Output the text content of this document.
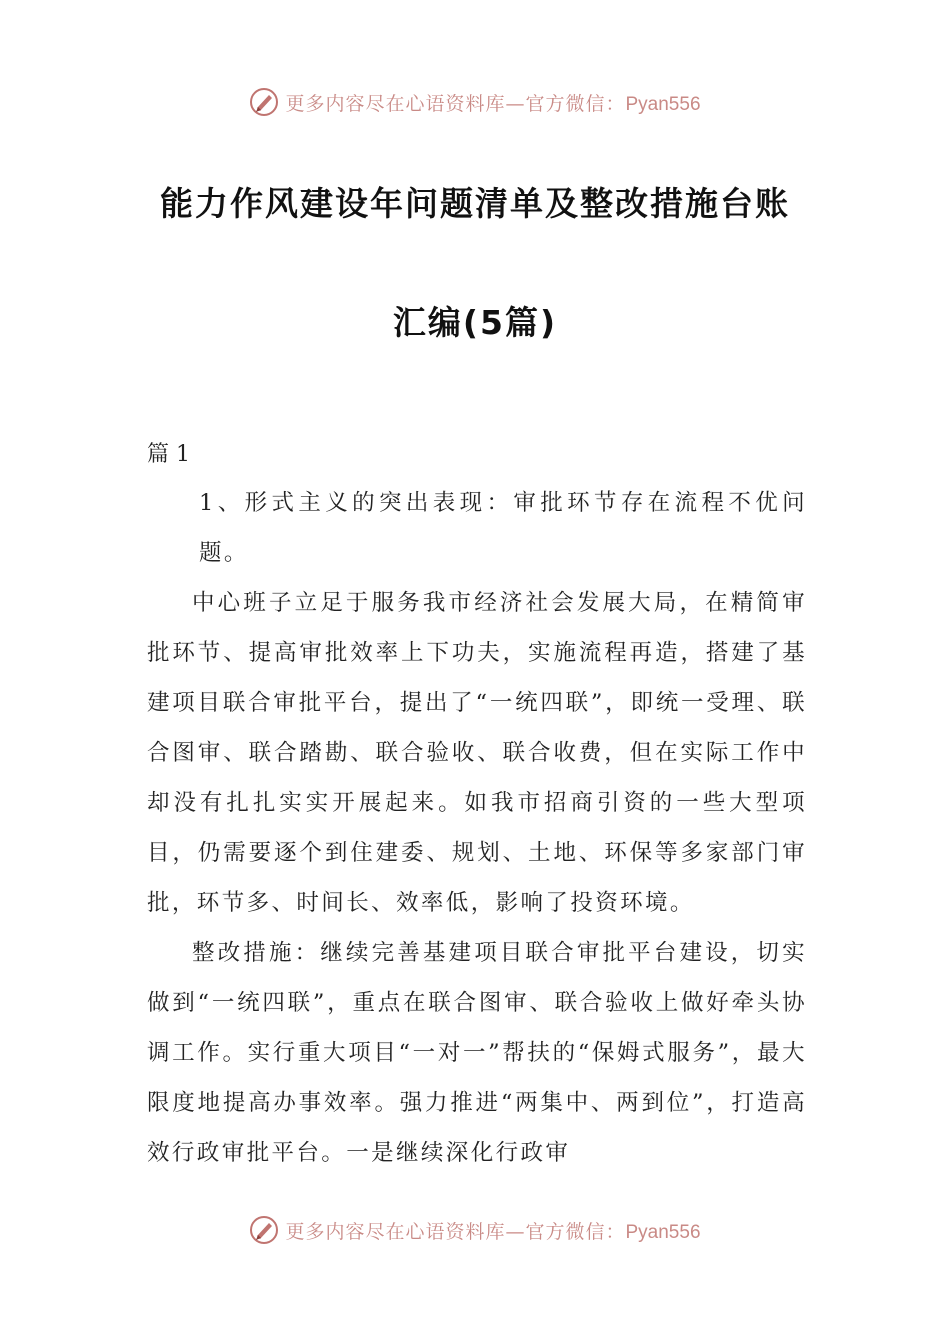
更多内容尽在心语资料库—官方微信：Pyan556
能力作风建设年问题清单及整改措施台账
汇编(5篇)
篇 1

1、形式主义的突出表现：审批环节存在流程不优问题。

中心班子立足于服务我市经济社会发展大局，在精简审批环节、提高审批效率上下功夫，实施流程再造，搭建了基建项目联合审批平台，提出了“一统四联”，即统一受理、联合图审、联合踏勘、联合验收、联合收费，但在实际工作中却没有扎扎实实开展起来。如我市招商引资的一些大型项目，仍需要逐个到住建委、规划、土地、环保等多家部门审批，环节多、时间长、效率低，影响了投资环境。

整改措施：继续完善基建项目联合审批平台建设，切实做到“一统四联”，重点在联合图审、联合验收上做好牵头协调工作。实行重大项目“一对一”帮扶的“保姆式服务”，最大限度地提高办事效率。强力推进“两集中、两到位”，打造高效行政审批平台。一是继续深化行政审

更多内容尽在心语资料库—官方微信：Pyan556
